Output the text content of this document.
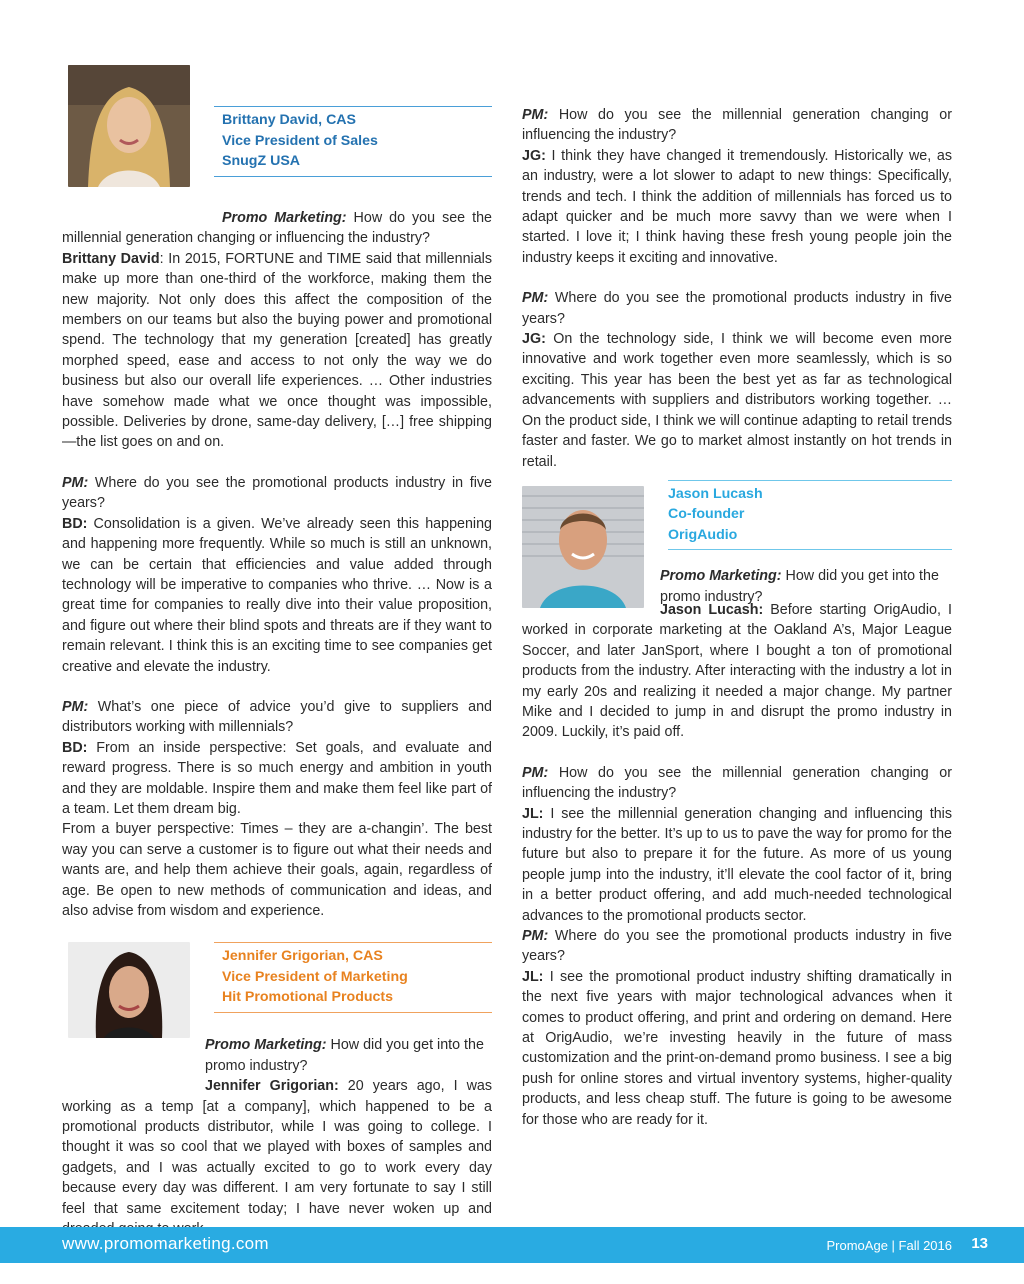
Brittany David, CAS
Vice President of Sales
SnugZ USA

Promo Marketing: How do you see the millennial generation changing or influencing the industry?

Brittany David: In 2015, FORTUNE and TIME said that millennials make up more than one-third of the workforce, making them the new majority. Not only does this affect the composition of the members on our teams but also the buying power and promotional spend. The technology that my generation [created] has greatly morphed speed, ease and access to not only the way we do business but also our overall life experiences. … Other industries have somehow made what we once thought was impossible, possible. Deliveries by drone, same-day delivery, […] free shipping—the list goes on and on.

PM: Where do you see the promotional products industry in five years?

BD: Consolidation is a given. We’ve already seen this happening and happening more frequently. While so much is still an unknown, we can be certain that efficiencies and value added through technology will be imperative to companies who thrive. … Now is a great time for companies to really dive into their value proposition, and figure out where their blind spots and threats are if they want to remain relevant. I think this is an exciting time to see companies get creative and elevate the industry.

PM: What’s one piece of advice you’d give to suppliers and distributors working with millennials?

BD: From an inside perspective: Set goals, and evaluate and reward progress. There is so much energy and ambition in youth and they are moldable. Inspire them and make them feel like part of a team. Let them dream big.

From a buyer perspective: Times – they are a-changin’. The best way you can serve a customer is to figure out what their needs and wants are, and help them achieve their goals, again, regardless of age. Be open to new methods of communication and ideas, and also advise from wisdom and experience.

Jennifer Grigorian, CAS
Vice President of Marketing
Hit Promotional Products

Promo Marketing: How did you get into the promo industry?

Jennifer Grigorian: 20 years ago, I was working as a temp [at a company], which happened to be a promotional products distributor, while I was going to college. I thought it was so cool that we played with boxes of samples and gadgets, and I was actually excited to go to work every day because every day was different. I am very fortunate to say I still feel that same excitement today; I have never woken up and

PM: How do you see the millennial generation changing or influencing the industry?

JG: I think they have changed it tremendously. Historically we, as an industry, were a lot slower to adapt to new things: Specifically, trends and tech. I think the addition of millennials has forced us to adapt quicker and be much more savvy than we were when I started. I love it; I think having these fresh young people join the industry keeps it exciting and innovative.

PM: Where do you see the promotional products industry in five years?

JG: On the technology side, I think we will become even more innovative and work together even more seamlessly, which is so exciting. This year has been the best yet as far as technological advancements with suppliers and distributors working together. … On the product side, I think we will continue adapting to retail trends faster and faster. We go to market almost instantly on hot trends in retail.

Jason Lucash
Co-founder
OrigAudio

Promo Marketing: How did you get into the promo industry?

Jason Lucash: Before starting OrigAudio, I worked in corporate marketing at the Oakland A’s, Major League Soccer, and later JanSport, where I bought a ton of promotional products from the industry. After interacting with the industry a lot in my early 20s and realizing it needed a major change. My partner Mike and I decided to jump in and disrupt the promo industry in 2009. Luckily, it’s paid off.

PM: How do you see the millennial generation changing or influencing the industry?

JL: I see the millennial generation changing and influencing this industry for the better. It’s up to us to pave the way for promo for the future but also to prepare it for the future. As more of us young people jump into the industry, it’ll elevate the cool factor of it, bring in a better product offering, and add much-needed technological advances to the promotional products sector.

PM: Where do you see the promotional products industry in five years?

JL: I see the promotional product industry shifting dramatically in the next five years with major technological advances when it comes to product offering, and print and ordering on demand. Here at OrigAudio, we’re investing heavily in the future of mass customization and the print-on-demand promo business. I see a big push for online stores and virtual inventory systems, higher-quality products, and less cheap stuff. The future is going to be awesome for those who are ready for it.

www.promomarketing.com	PromoAge | Fall 2016 13
